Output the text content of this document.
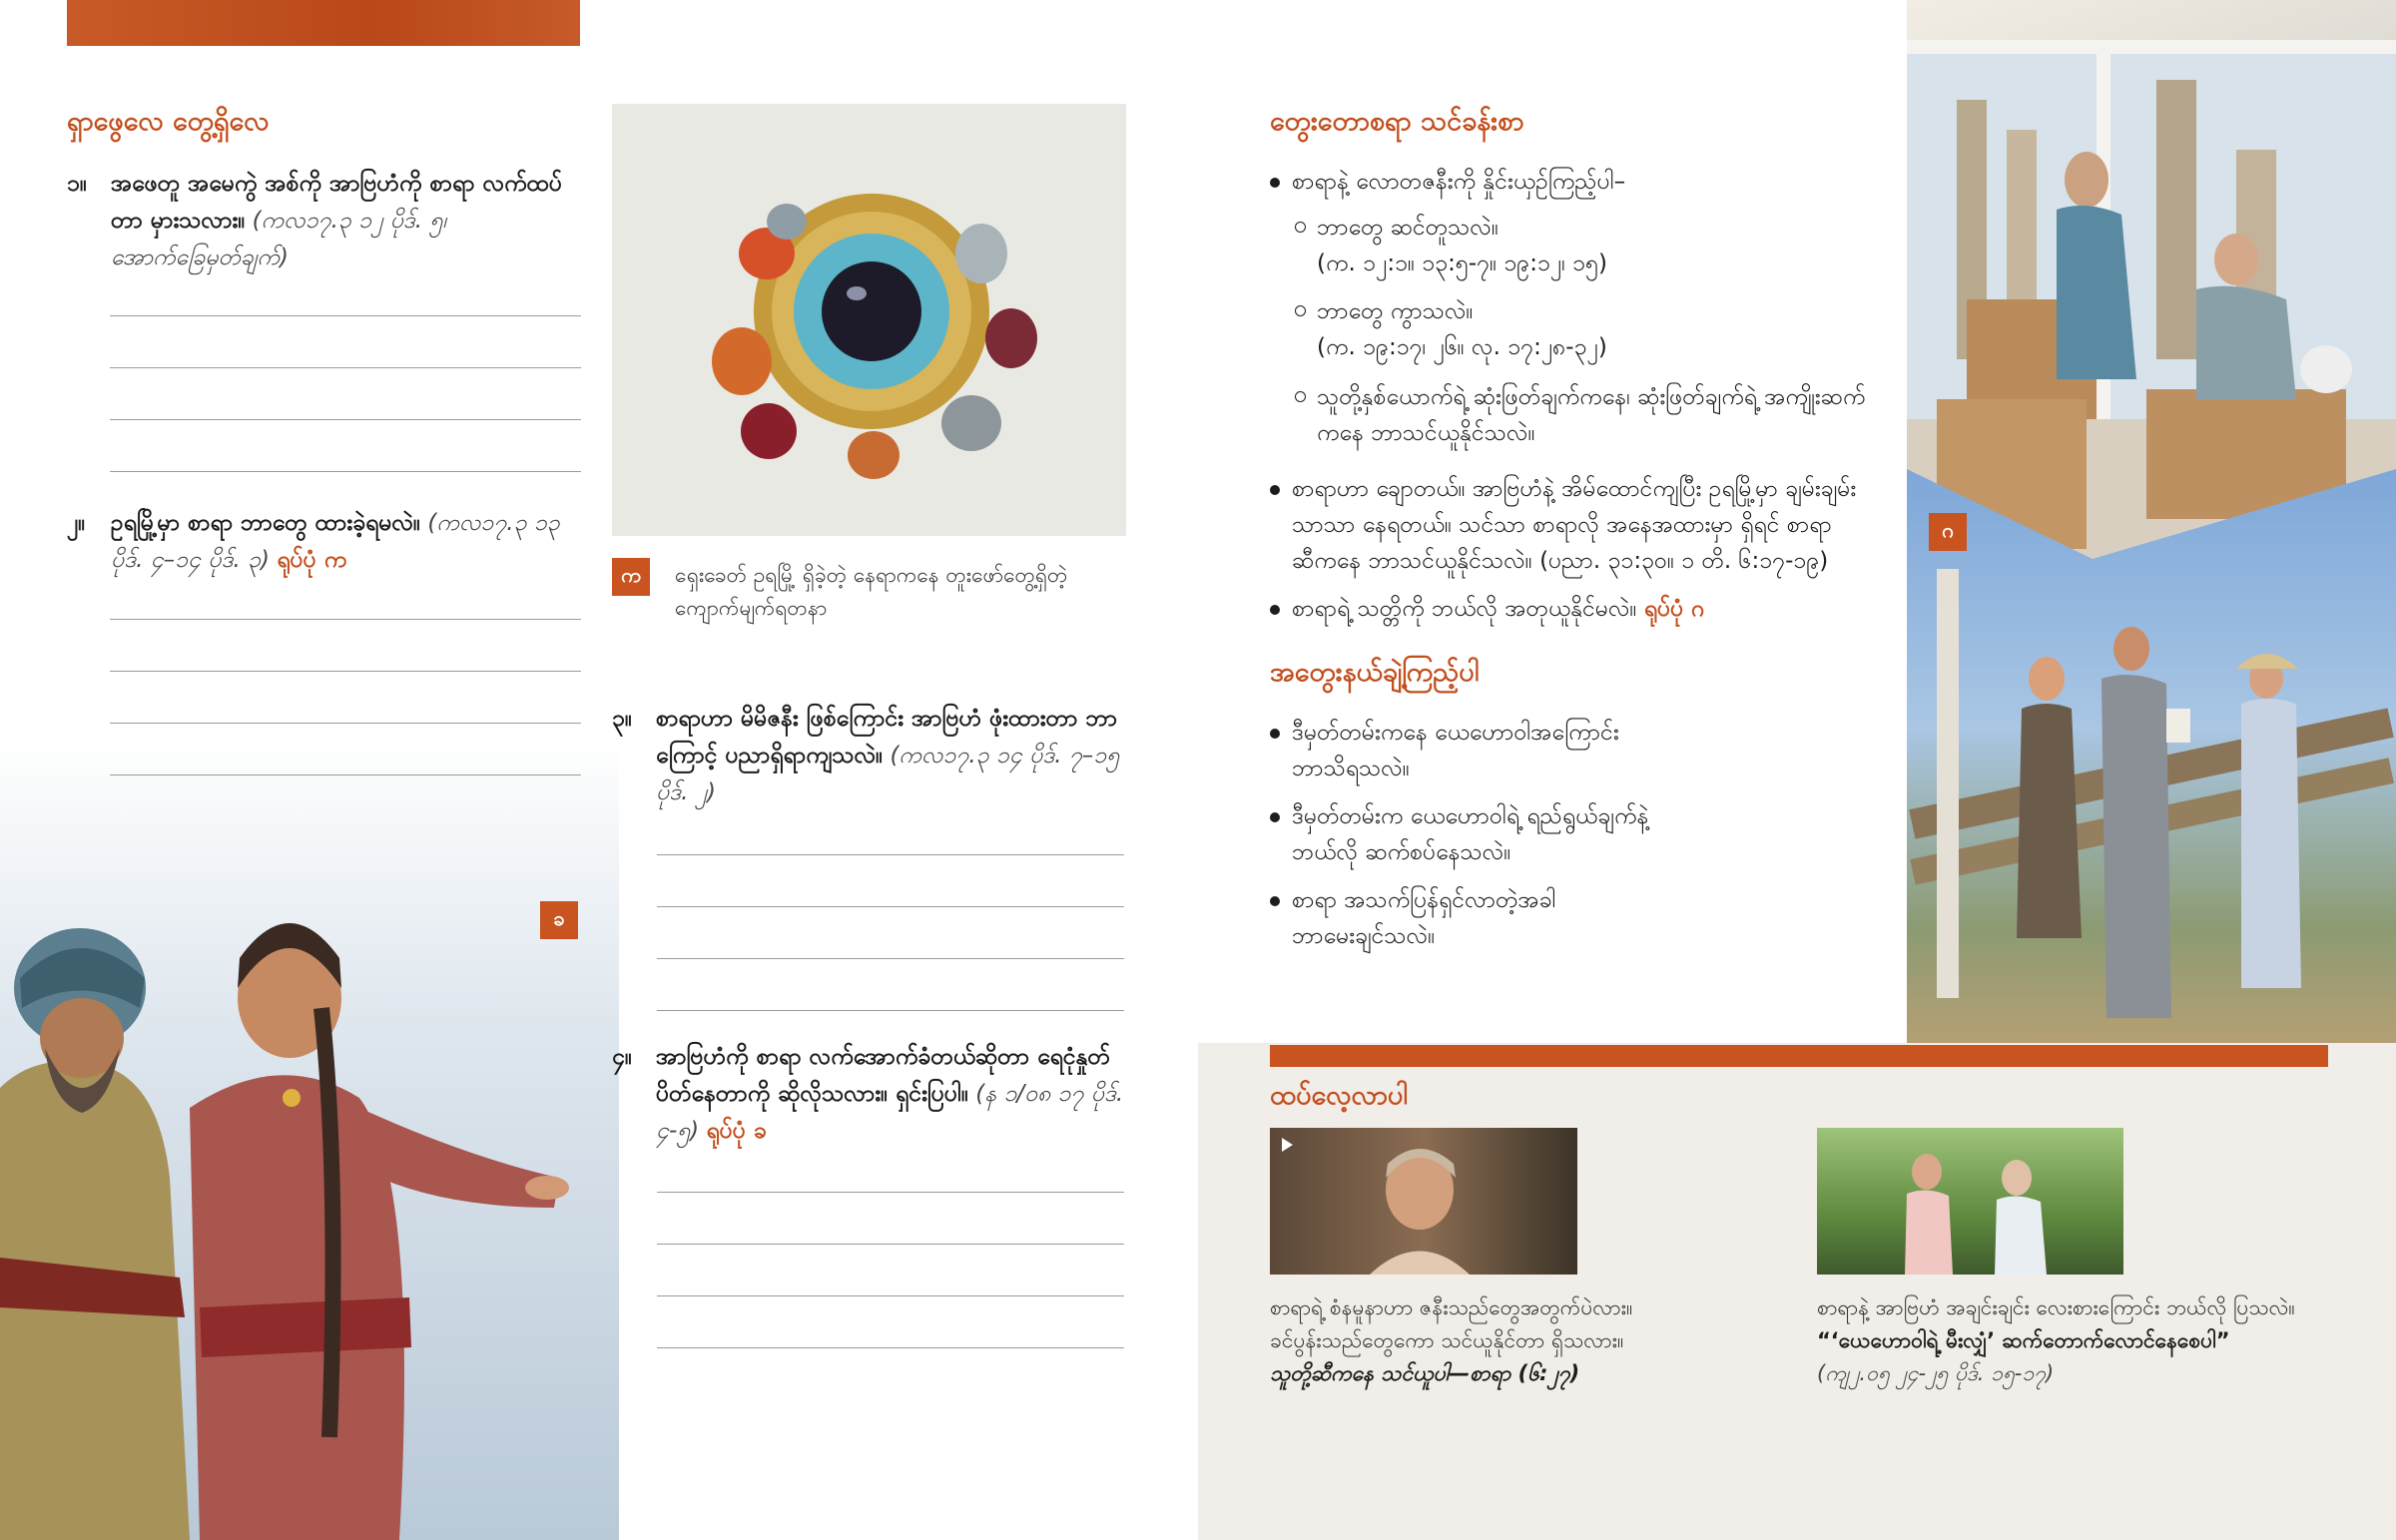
ရှာဖွေလေ တွေ့ရှိလေ
၁။ အဖေတူ အမေကွဲ အစ်ကို အာဗြဟံကို စာရာ လက်ထပ်တာ မှားသလား။ (ကလ၁၇.၃ ၁၂ ပိုဒ်. ၅၊ အောက်ခြေမှတ်ချက်)
၂။ ဥရမြို့မှာ စာရာ ဘာတွေ ထားခဲ့ရမလဲ။ (ကလ၁၇.၃ ၁၃ ပိုဒ်. ၄–၁၄ ပိုဒ်. ၃) ရုပ်ပုံ က
ခ
က	ရှေးခေတ် ဥရမြို့ ရှိခဲ့တဲ့ နေရာကနေ တူးဖော်တွေ့ရှိတဲ့ ကျောက်မျက်ရတနာ
၃။ စာရာဟာ မိမိဇနီး ဖြစ်ကြောင်း အာဗြဟံ ဖုံးထားတာ ဘာကြောင့် ပညာရှိရာကျသလဲ။ (ကလ၁၇.၃ ၁၄ ပိုဒ်. ၇–၁၅ ပိုဒ်. ၂)
၄။ အာဗြဟံကို စာရာ လက်အောက်ခံတယ်ဆိုတာ ရေငုံနှုတ်ပိတ်နေတာကို ဆိုလိုသလား။ ရှင်းပြပါ။ (န ၁/၀၈ ၁၇ ပိုဒ်. ၄-၅) ရုပ်ပုံ ခ
တွေးတောစရာ သင်ခန်းစာ
စာရာနဲ့ လောတဇနီးကို နှိုင်းယှဉ်ကြည့်ပါ–
ဘာတွေ ဆင်တူသလဲ။
(က. ၁၂:၁။ ၁၃:၅-၇။ ၁၉:၁၂၊ ၁၅)
ဘာတွေ ကွာသလဲ။
(က. ၁၉:၁၇၊ ၂၆။ လု. ၁၇:၂၈-၃၂)
သူတို့နှစ်ယောက်ရဲ့ ဆုံးဖြတ်ချက်ကနေ၊ ဆုံးဖြတ်ချက်ရဲ့ အကျိုးဆက်
ကနေ ဘာသင်ယူနိုင်သလဲ။
စာရာဟာ ချောတယ်။ အာဗြဟံနဲ့ အိမ်ထောင်ကျပြီး ဥရမြို့မှာ ချမ်းချမ်း
သာသာ နေရတယ်။ သင်သာ စာရာလို အနေအထားမှာ ရှိရင် စာရာ
ဆီကနေ ဘာသင်ယူနိုင်သလဲ။ (ပညာ. ၃၁:၃၀။ ၁ တိ. ၆:၁၇-၁၉)
စာရာရဲ့ သတ္တိကို ဘယ်လို အတုယူနိုင်မလဲ။ ရုပ်ပုံ ဂ
အတွေးနယ်ချဲ့ကြည့်ပါ
ဒီမှတ်တမ်းကနေ ယေဟောဝါအကြောင်း
ဘာသိရသလဲ။
ဒီမှတ်တမ်းက ယေဟောဝါရဲ့ ရည်ရွယ်ချက်နဲ့
ဘယ်လို ဆက်စပ်နေသလဲ။
စာရာ အသက်ပြန်ရှင်လာတဲ့အခါ
ဘာမေးချင်သလဲ။
ဂ
ထပ်လေ့လာပါ
စာရာရဲ့ စံနမူနာဟာ ဇနီးသည်တွေအတွက်ပဲလား။
ခင်ပွန်းသည်တွေကော သင်ယူနိုင်တာ ရှိသလား။
သူတို့ဆီကနေ သင်ယူပါ—စာရာ (၆:၂၇)
စာရာနဲ့ အာဗြဟံ အချင်းချင်း လေးစားကြောင်း ဘယ်လို ပြသလဲ။
“‘ယေဟောဝါရဲ့ မီးလျှံ’ ဆက်တောက်လောင်နေစေပါ”
(ကျ၂.၀၅ ၂၄-၂၅ ပိုဒ်. ၁၅-၁၇)
